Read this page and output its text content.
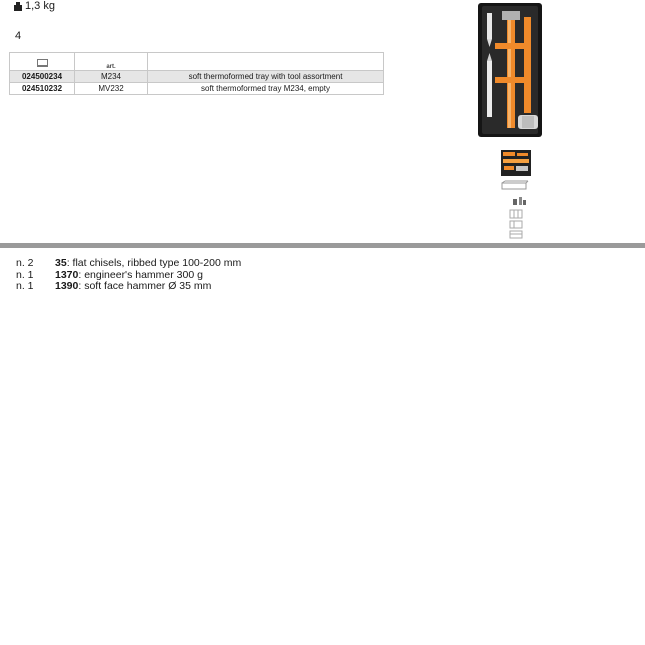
1,3 kg
4
	art.	
024500234	M234	soft thermoformed tray with tool assortment
024510232	MV232	soft thermoformed tray M234, empty
n. 2	35 : flat chisels, ribbed type 100-200 mm
n. 1	1370 : engineer's hammer 300 g
n. 1	1390 : soft face hammer Ø 35 mm
